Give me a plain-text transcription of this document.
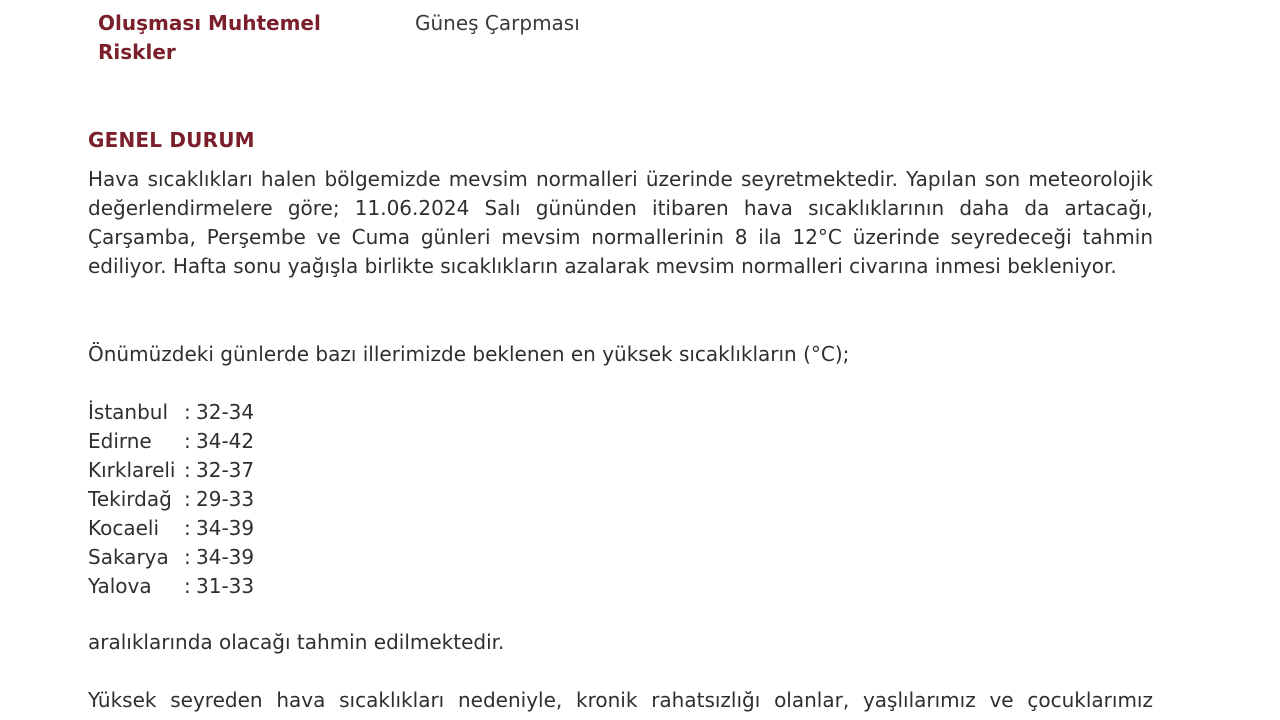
Oluşması Muhtemel Riskler
Güneş Çarpması
GENEL DURUM
Hava sıcaklıkları halen bölgemizde mevsim normalleri üzerinde seyretmektedir. Yapılan son meteorolojik değerlendirmelere göre; 11.06.2024 Salı gününden itibaren hava sıcaklıklarının daha da artacağı, Çarşamba, Perşembe ve Cuma günleri mevsim normallerinin 8 ila 12°C üzerinde seyredeceği tahmin ediliyor. Hafta sonu yağışla birlikte sıcaklıkların azalarak mevsim normalleri civarına inmesi bekleniyor.
Önümüzdeki günlerde bazı illerimizde beklenen en yüksek sıcaklıkların (°C);
İstanbul : 32-34
Edirne	: 34-42
Kırklareli : 32-37
Tekirdağ : 29-33
Kocaeli	: 34-39
Sakarya : 34-39
Yalova	: 31-33
aralıklarında olacağı tahmin edilmektedir.
Yüksek seyreden hava sıcaklıkları nedeniyle, kronik rahatsızlığı olanlar, yaşlılarımız ve çocuklarımız
